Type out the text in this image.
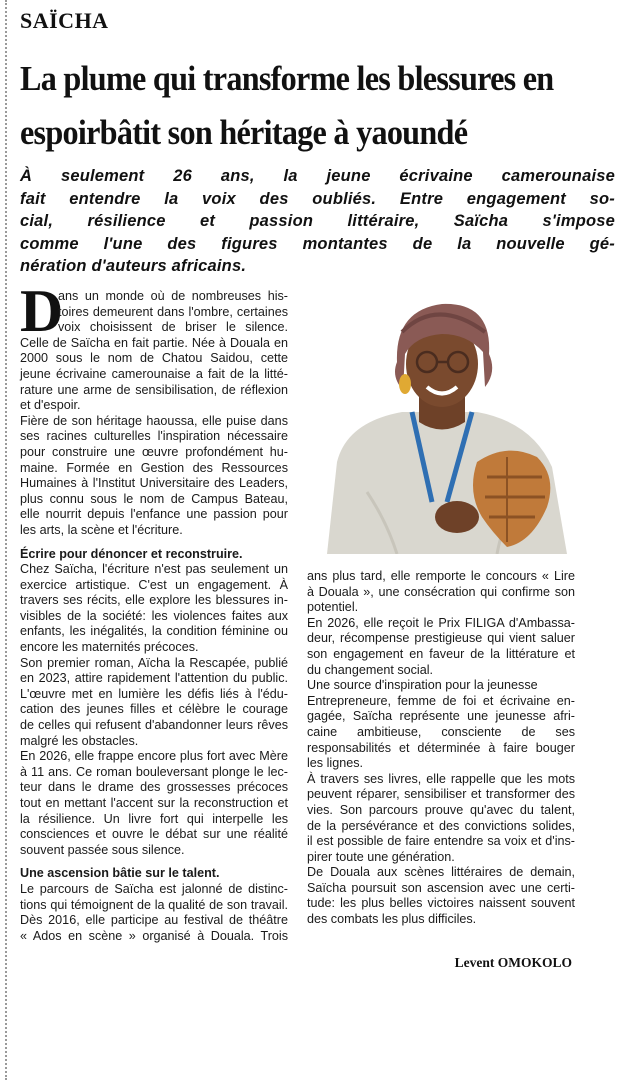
SAÏCHA
La plume qui transforme les blessures en
espoirbâtit son héritage à yaoundé
À seulement 26 ans, la jeune écrivaine camerounaise
fait entendre la voix des oubliés. Entre engagement so-
cial, résilience et passion littéraire, Saïcha s'impose
comme l'une des figures montantes de la nouvelle gé-
nération d'auteurs africains.
D
ans un monde où de nombreuses his-
toires demeurent dans l'ombre, certaines
voix choisissent de briser le silence.
Celle de Saïcha en fait partie. Née à Douala en
2000 sous le nom de Chatou Saidou, cette
jeune écrivaine camerounaise a fait de la litté-
rature une arme de sensibilisation, de réflexion
et d'espoir.
Fière de son héritage haoussa, elle puise dans
ses racines culturelles l'inspiration nécessaire
pour construire une œuvre profondément hu-
maine. Formée en Gestion des Ressources
Humaines à l'Institut Universitaire des Leaders,
plus connu sous le nom de Campus Bateau,
elle nourrit depuis l'enfance une passion pour
les arts, la scène et l'écriture.
Écrire pour dénoncer et reconstruire.
Chez Saïcha, l'écriture n'est pas seulement un
exercice artistique. C'est un engagement. À
travers ses récits, elle explore les blessures in-
visibles de la société: les violences faites aux
enfants, les inégalités, la condition féminine ou
encore les maternités précoces.
Son premier roman, Aïcha la Rescapée, publié
en 2023, attire rapidement l'attention du public.
L'œuvre met en lumière les défis liés à l'édu-
cation des jeunes filles et célèbre le courage
de celles qui refusent d'abandonner leurs rêves
malgré les obstacles.
En 2026, elle frappe encore plus fort avec Mère
à 11 ans. Ce roman bouleversant plonge le lec-
teur dans le drame des grossesses précoces
tout en mettant l'accent sur la reconstruction et
la résilience. Un livre fort qui interpelle les
consciences et ouvre le débat sur une réalité
souvent passée sous silence.
Une ascension bâtie sur le talent.
Le parcours de Saïcha est jalonné de distinc-
tions qui témoignent de la qualité de son travail.
Dès 2016, elle participe au festival de théâtre
« Ados en scène » organisé à Douala. Trois
ans plus tard, elle remporte le concours « Lire
à Douala », une consécration qui confirme son
potentiel.
En 2026, elle reçoit le Prix FILIGA d'Ambassa-
deur, récompense prestigieuse qui vient saluer
son engagement en faveur de la littérature et
du changement social.
Une source d'inspiration pour la jeunesse
Entrepreneure, femme de foi et écrivaine en-
gagée, Saïcha représente une jeunesse afri-
caine ambitieuse, consciente de ses
responsabilités et déterminée à faire bouger
les lignes.
À travers ses livres, elle rappelle que les mots
peuvent réparer, sensibiliser et transformer des
vies. Son parcours prouve qu'avec du talent,
de la persévérance et des convictions solides,
il est possible de faire entendre sa voix et d'ins-
pirer toute une génération.
De Douala aux scènes littéraires de demain,
Saïcha poursuit son ascension avec une certi-
tude: les plus belles victoires naissent souvent
des combats les plus difficiles.
Levent OMOKOLO
